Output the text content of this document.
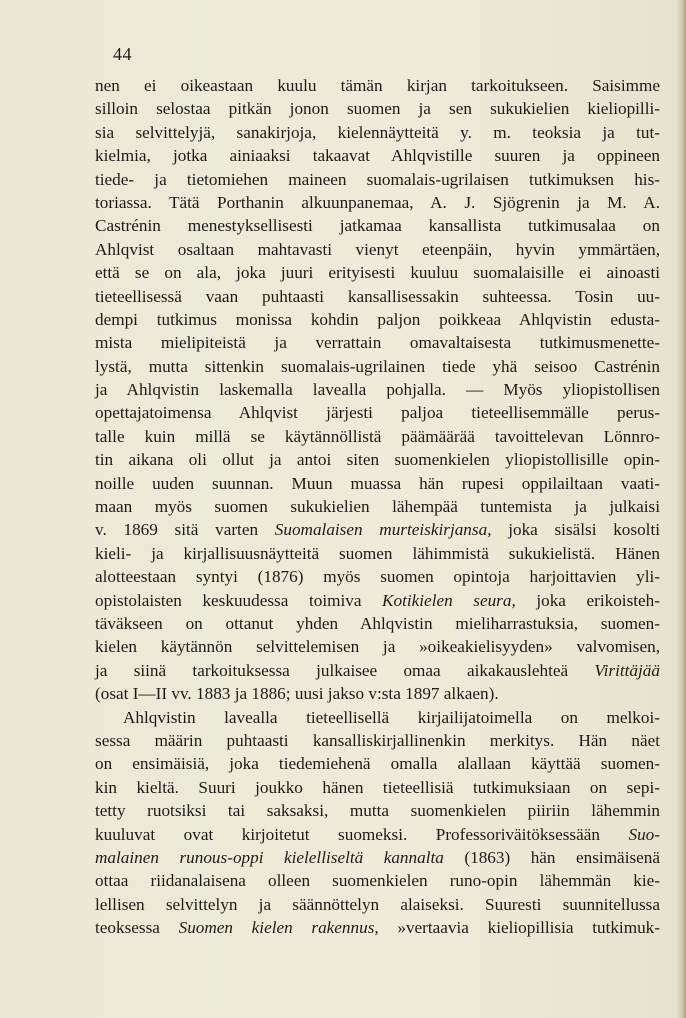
44
nen ei oikeastaan kuulu tämän kirjan tarkoitukseen. Saisimme
silloin selostaa pitkän jonon suomen ja sen sukukielien kieliopilli-
sia selvittelyjä, sanakirjoja, kielennäytteitä y. m. teoksia ja tut-
kielmia, jotka ainiaaksi takaavat Ahlqvistille suuren ja oppineen
tiede- ja tietomiehen maineen suomalais-ugrilaisen tutkimuksen his-
toriassa. Tätä Porthanin alkuunpanemaa, A. J. Sjögrenin ja M. A.
Castrénin menestyksellisesti jatkamaa kansallista tutkimusalaa on
Ahlqvist osaltaan mahtavasti vienyt eteenpäin, hyvin ymmärtäen,
että se on ala, joka juuri erityisesti kuuluu suomalaisille ei ainoasti
tieteellisessä vaan puhtaasti kansallisessakin suhteessa. Tosin uu-
dempi tutkimus monissa kohdin paljon poikkeaa Ahlqvistin edusta-
mista mielipiteistä ja verrattain omavaltaisesta tutkimusmenette-
lystä, mutta sittenkin suomalais-ugrilainen tiede yhä seisoo Castrénin
ja Ahlqvistin laskemalla lavealla pohjalla. — Myös yliopistollisen
opettajatoimensa Ahlqvist järjesti paljoa tieteellisemmälle perus-
talle kuin millä se käytännöllistä päämäärää tavoittelevan Lönnro-
tin aikana oli ollut ja antoi siten suomenkielen yliopistollisille opin-
noille uuden suunnan. Muun muassa hän rupesi oppilailtaan vaati-
maan myös suomen sukukielien lähempää tuntemista ja julkaisi
v. 1869 sitä varten Suomalaisen murteiskirjansa, joka sisälsi kosolti
kieli- ja kirjallisuusnäytteitä suomen lähimmistä sukukielistä. Hänen
alotteestaan syntyi (1876) myös suomen opintoja harjoittavien yli-
opistolaisten keskuudessa toimiva Kotikielen seura, joka erikoisteh-
täväkseen on ottanut yhden Ahlqvistin mieliharrastuksia, suomen-
kielen käytännön selvittelemisen ja »oikeakielisyyden» valvomisen,
ja siinä tarkoituksessa julkaisee omaa aikakauslehteä Virittäjää
(osat I—II vv. 1883 ja 1886; uusi jakso v:sta 1897 alkaen).
Ahlqvistin lavealla tieteellisellä kirjailijatoimella on melkoi-
sessa määrin puhtaasti kansalliskirjallinenkin merkitys. Hän näet
on ensimäisiä, joka tiedemiehenä omalla alallaan käyttää suomen-
kin kieltä. Suuri joukko hänen tieteellisiä tutkimuksiaan on sepi-
tetty ruotsiksi tai saksaksi, mutta suomenkielen piiriin lähemmin
kuuluvat ovat kirjoitetut suomeksi. Professoriväitöksessään Suo-
malainen runous-oppi kielelliseltä kannalta (1863) hän ensimäisenä
ottaa riidanalaisena olleen suomenkielen runo-opin lähemmän kie-
lellisen selvittelyn ja säännöttelyn alaiseksi. Suuresti suunnitellussa
teoksessa Suomen kielen rakennus, »vertaavia kieliopillisia tutkimuk-
